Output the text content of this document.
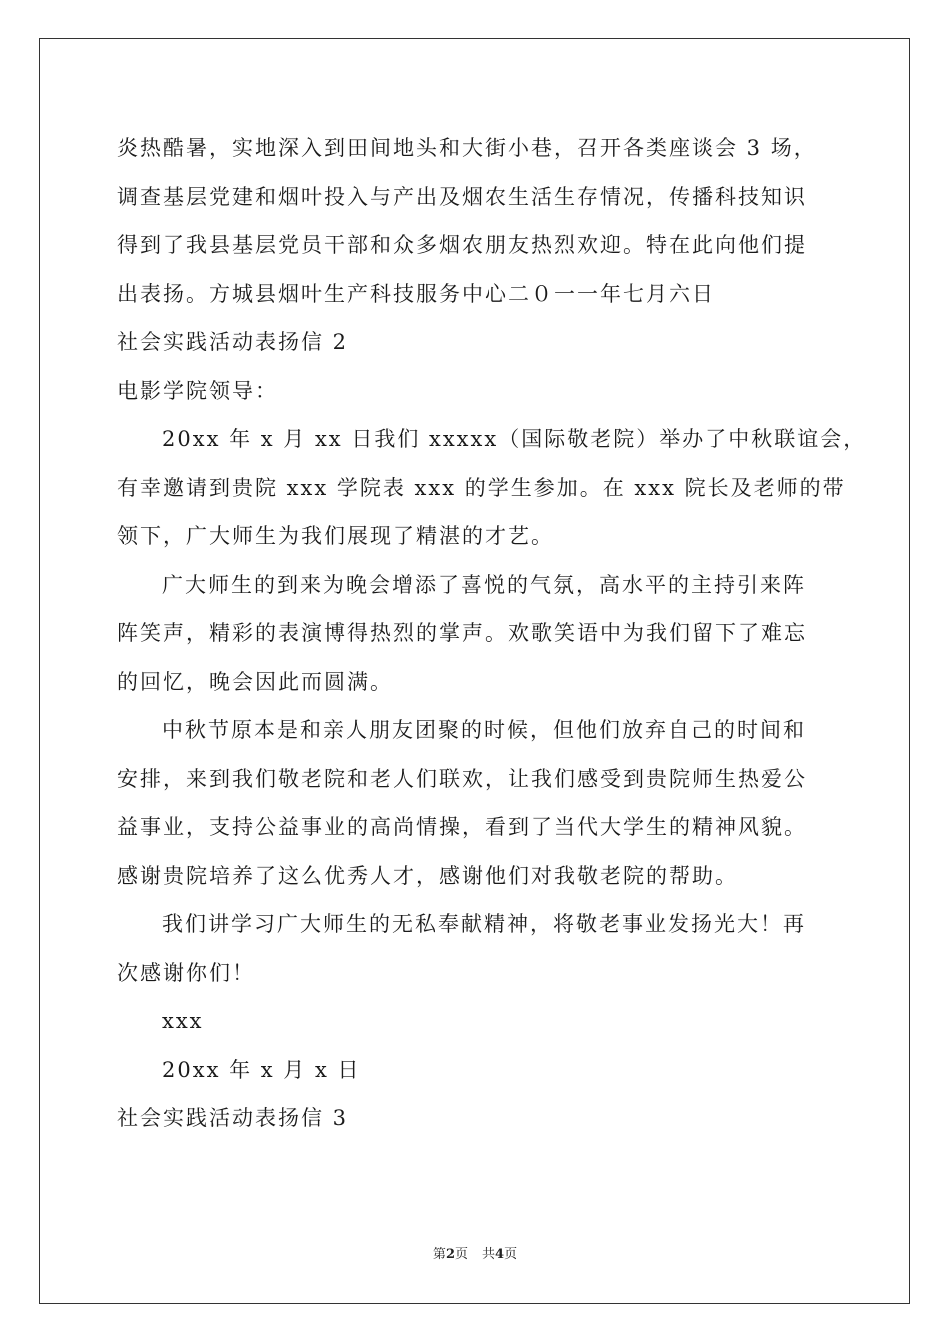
炎热酷暑，实地深入到田间地头和大街小巷，召开各类座谈会 3 场，
调查基层党建和烟叶投入与产出及烟农生活生存情况，传播科技知识
得到了我县基层党员干部和众多烟农朋友热烈欢迎。特在此向他们提
出表扬。方城县烟叶生产科技服务中心二０一一年七月六日
社会实践活动表扬信 2
电影学院领导：
20xx 年 x 月 xx 日我们 xxxxx（国际敬老院）举办了中秋联谊会，
有幸邀请到贵院 xxx 学院表 xxx 的学生参加。在 xxx 院长及老师的带
领下，广大师生为我们展现了精湛的才艺。
广大师生的到来为晚会增添了喜悦的气氛，高水平的主持引来阵
阵笑声，精彩的表演博得热烈的掌声。欢歌笑语中为我们留下了难忘
的回忆，晚会因此而圆满。
中秋节原本是和亲人朋友团聚的时候，但他们放弃自己的时间和
安排，来到我们敬老院和老人们联欢，让我们感受到贵院师生热爱公
益事业，支持公益事业的高尚情操，看到了当代大学生的精神风貌。
感谢贵院培养了这么优秀人才，感谢他们对我敬老院的帮助。
我们讲学习广大师生的无私奉献精神，将敬老事业发扬光大！再
次感谢你们！
xxx
20xx 年 x 月 x 日
社会实践活动表扬信 3
第2页 共4页
